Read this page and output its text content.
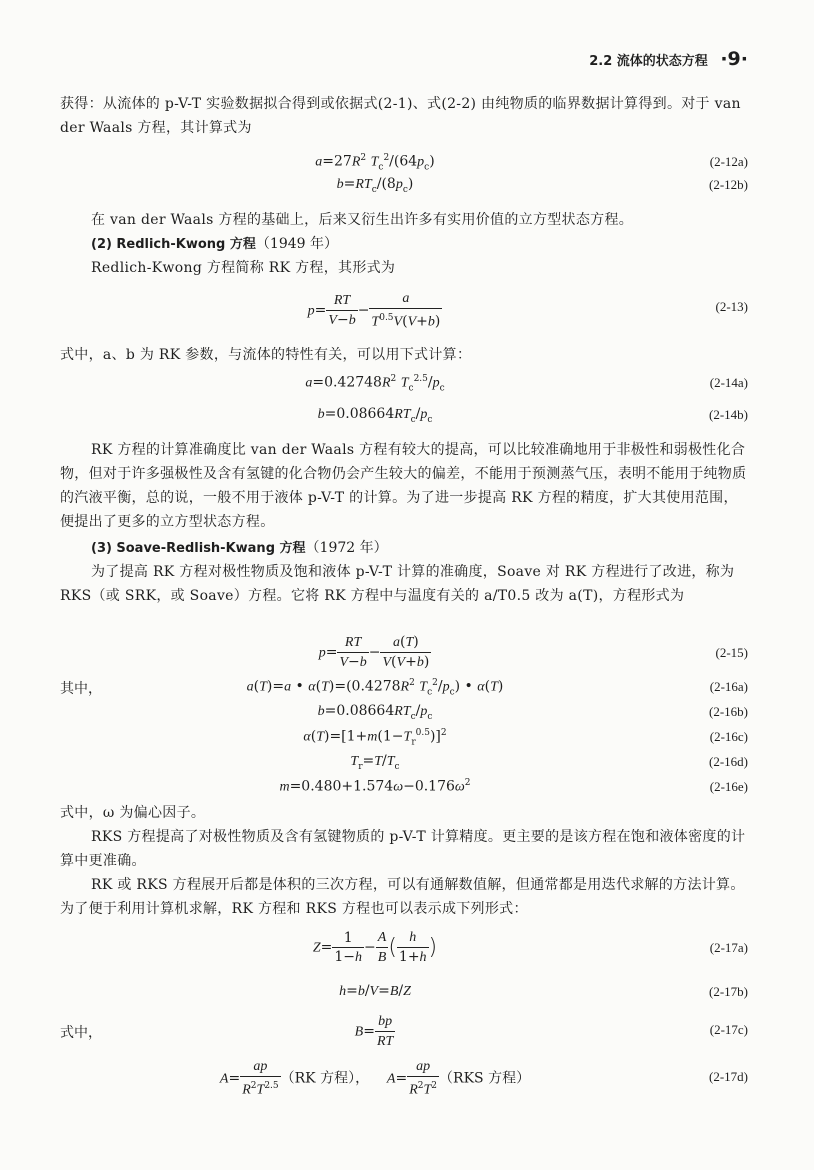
2.2 流体的状态方程 ·9·
获得：从流体的 p-V-T 实验数据拟合得到或依据式(2-1)、式(2-2) 由纯物质的临界数据计算得到。对于 van der Waals 方程，其计算式为
$a=27R^2$ $T_c^2/(64p_c)$	(2-12a)
$b=RT_c/(8p_c)$	(2-12b)
在 van der Waals 方程的基础上，后来又衍生出许多有实用价值的立方型状态方程。
(2) Redlich-Kwong 方程（1949 年）
Redlich-Kwong 方程简称 RK 方程，其形式为
$p= \frac{RT}{V-b} - \frac{a}{T^{0.5}V(V+b)}$	(2-13)
式中，a、b 为 RK 参数，与流体的特性有关，可以用下式计算：
$a=0.42748R^2$ $T_c^{2.5}/p_c$	(2-14a)
$b=0.08664RT_c/p_c$	(2-14b)
RK 方程的计算准确度比 van der Waals 方程有较大的提高，可以比较准确地用于非极性和弱极性化合物，但对于许多强极性及含有氢键的化合物仍会产生较大的偏差，不能用于预测蒸气压，表明不能用于纯物质的汽液平衡，总的说，一般不用于液体 p-V-T 的计算。为了进一步提高 RK 方程的精度，扩大其使用范围，便提出了更多的立方型状态方程。
(3) Soave-Redlish-Kwang 方程（1972 年）
为了提高 RK 方程对极性物质及饱和液体 p-V-T 计算的准确度，Soave 对 RK 方程进行了改进，称为 RKS（或 SRK，或 Soave）方程。它将 RK 方程中与温度有关的 a/T0.5 改为 a(T)，方程形式为
$p= \frac{RT}{V-b} - \frac{a(T)}{V(V+b)}$	(2-15)
其中，	a(T)=a • $\alpha(T)=(0.4278R^2$ $T_c^2/p_c$) • α(T)	(2-16a)
$b=0.08664RT_c/p_c$	(2-16b)
$\alpha(T)=[1+m(1-T_r^{0.5})]^2$	(2-16c)
$T_r=T/T_c$	(2-16d)
$m=0.480+1.574\omega-0.176\omega^2$	(2-16e)
式中，ω 为偏心因子。
RKS 方程提高了对极性物质及含有氢键物质的 p-V-T 计算精度。更主要的是该方程在饱和液体密度的计算中更准确。
RK 或 RKS 方程展开后都是体积的三次方程，可以有通解数值解，但通常都是用迭代求解的方法计算。为了便于利用计算机求解，RK 方程和 RKS 方程也可以表示成下列形式：
$Z= \frac{1}{1-h} - \frac{A}{B}$ ( $\frac{h}{1+h}$ )	(2-17a)
h=b/V=B/Z	(2-17b)
式中，	$B= \frac{bp}{RT}$	(2-17c)
$A= \frac{ap}{R^2T^{2.5}} (RK$ 方程）， $A= \frac{ap}{R^2T^2} (RKS$ 方程）	(2-17d)
